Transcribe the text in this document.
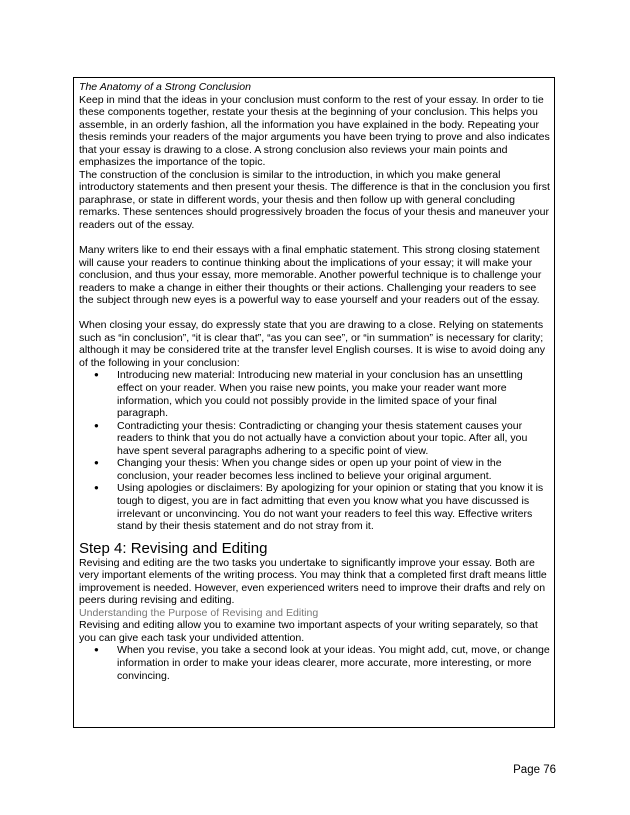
The Anatomy of a Strong Conclusion

Keep in mind that the ideas in your conclusion must conform to the rest of your essay. In order to tie these components together, restate your thesis at the beginning of your conclusion. This helps you assemble, in an orderly fashion, all the information you have explained in the body. Repeating your thesis reminds your readers of the major arguments you have been trying to prove and also indicates that your essay is drawing to a close. A strong conclusion also reviews your main points and emphasizes the importance of the topic.

The construction of the conclusion is similar to the introduction, in which you make general introductory statements and then present your thesis. The difference is that in the conclusion you first paraphrase, or state in different words, your thesis and then follow up with general concluding remarks. These sentences should progressively broaden the focus of your thesis and maneuver your readers out of the essay.

Many writers like to end their essays with a final emphatic statement. This strong closing statement will cause your readers to continue thinking about the implications of your essay; it will make your conclusion, and thus your essay, more memorable. Another powerful technique is to challenge your readers to make a change in either their thoughts or their actions. Challenging your readers to see the subject through new eyes is a powerful way to ease yourself and your readers out of the essay.

When closing your essay, do expressly state that you are drawing to a close. Relying on statements such as “in conclusion”, “it is clear that”, “as you can see”, or “in summation” is necessary for clarity; although it may be considered trite at the transfer level English courses. It is wise to avoid doing any of the following in your conclusion:

● Introducing new material: Introducing new material in your conclusion has an unsettling effect on your reader. When you raise new points, you make your reader want more information, which you could not possibly provide in the limited space of your final paragraph.
● Contradicting your thesis: Contradicting or changing your thesis statement causes your readers to think that you do not actually have a conviction about your topic. After all, you have spent several paragraphs adhering to a specific point of view.
● Changing your thesis: When you change sides or open up your point of view in the conclusion, your reader becomes less inclined to believe your original argument.
● Using apologies or disclaimers: By apologizing for your opinion or stating that you know it is tough to digest, you are in fact admitting that even you know what you have discussed is irrelevant or unconvincing. You do not want your readers to feel this way. Effective writers stand by their thesis statement and do not stray from it.
Step 4: Revising and Editing

Revising and editing are the two tasks you undertake to significantly improve your essay. Both are very important elements of the writing process. You may think that a completed first draft means little improvement is needed. However, even experienced writers need to improve their drafts and rely on peers during revising and editing.

Understanding the Purpose of Revising and Editing

Revising and editing allow you to examine two important aspects of your writing separately, so that you can give each task your undivided attention.

● When you revise, you take a second look at your ideas. You might add, cut, move, or change information in order to make your ideas clearer, more accurate, more interesting, or more convincing.
Page 76
